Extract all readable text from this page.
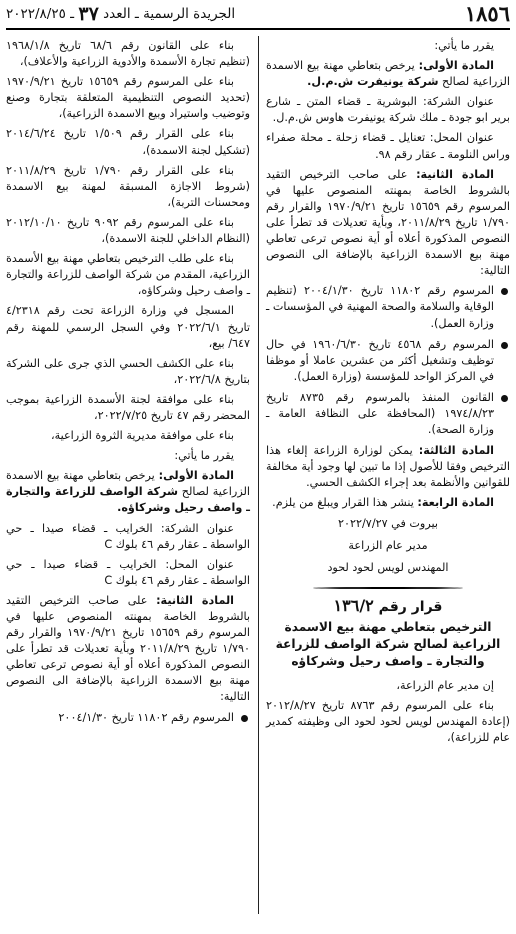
١٨٥٦
الجريدة الرسمية ـ العدد ٣٧ ـ ٢٠٢٢/٨/٢٥

يقرر ما يأتي:

المادة الأولى: يرخص بتعاطي مهنة بيع الاسمدة الزراعية لصالح شركة يونيفرت ش.م.ل.

عنوان الشركة: البوشرية ـ قضاء المتن ـ شارع برير ابو جودة ـ ملك شركة يونيفرت هاوس ش.م.ل.

عنوان المحل: تعنايل ـ قضاء زحلة ـ محلة صفراء وراس النلومة ـ عقار رقم ٩٨.

المادة الثانية: على صاحب الترخيص التقيد بالشروط الخاصة بمهنته المنصوص عليها في المرسوم رقم ١٥٦٥٩ تاريخ ١٩٧٠/٩/٢١ والقرار رقم ١/٧٩٠ تاريخ ٢٠١١/٨/٢٩، وبأية تعديلات قد تطرأ على النصوص المذكورة أعلاه أو أية نصوص ترعى تعاطي مهنة بيع الاسمدة الزراعية بالإضافة الى النصوص التالية:

المرسوم رقم ١١٨٠٢ تاريخ ٢٠٠٤/١/٣٠ (تنظيم الوقاية والسلامة والصحة المهنية في المؤسسات ـ وزارة العمل).
المرسوم رقم ٤٥٦٨ تاريخ ١٩٦٠/٦/٣٠ في حال توظيف وتشغيل أكثر من عشرين عاملا أو موظفا في المركز الواحد للمؤسسة (وزارة العمل).
القانون المنفذ بالمرسوم رقم ٨٧٣٥ تاريخ ١٩٧٤/٨/٢٣ (المحافظة على النظافة العامة ـ وزارة الصحة).

المادة الثالثة: يمكن لوزارة الزراعة إلغاء هذا الترخيص وفقا للأصول إذا ما تبين لها وجود أية مخالفة للقوانين والأنظمة بعد إجراء الكشف الحسي.

المادة الرابعة: ينشر هذا القرار ويبلغ من يلزم.

بيروت في ٢٠٢٢/٧/٢٧

مدير عام الزراعة

المهندس لويس لحود لحود

قرار رقم ١٣٦/٢
الترخيص بتعاطي مهنة بيع الاسمدة الزراعية لصالح شركة الواصف للزراعة والتجارة ـ واصف رحيل وشركاؤه

إن مدير عام الزراعة،

بناء على المرسوم رقم ٨٧٦٣ تاريخ ٢٠١٢/٨/٢٧ (إعادة المهندس لويس لحود لحود الى وظيفته كمدير عام للزراعة)،

بناء على القانون رقم ٦٨/٦ تاريخ ١٩٦٨/١/٨ (تنظيم تجارة الأسمدة والأدوية الزراعية والأعلاف)،

بناء على المرسوم رقم ١٥٦٥٩ تاريخ ١٩٧٠/٩/٢١ (تحديد النصوص التنظيمية المتعلقة بتجارة وصنع وتوضيب واستيراد وبيع الاسمدة الزراعية)،

بناء على القرار رقم ١/٥٠٩ تاريخ ٢٠١٤/٦/٢٤ (تشكيل لجنة الاسمدة)،

بناء على القرار رقم ١/٧٩٠ تاريخ ٢٠١١/٨/٢٩ (شروط الاجازة المسبقة لمهنة بيع الاسمدة ومحسنات التربة)،

بناء على المرسوم رقم ٩٠٩٢ تاريخ ٢٠١٢/١٠/١٠ (النظام الداخلي للجنة الاسمدة)،

بناء على طلب الترخيص بتعاطي مهنة بيع الأسمدة الزراعية، المقدم من شركة الواصف للزراعة والتجارة ـ واصف رحيل وشركاؤه،

المسجل في وزارة الزراعة تحت رقم ٤/٢٣١٨ تاريخ ٢٠٢٢/٦/١ وفي السجل الرسمي للمهنة رقم ٦٤٧/ بيع،

بناء على الكشف الحسي الذي جرى على الشركة بتاريخ ٢٠٢٢/٦/٨،

بناء على موافقة لجنة الأسمدة الزراعية بموجب المحضر رقم ٤٧ تاريخ ٢٠٢٢/٧/٢٥،

بناء على موافقة مديرية الثروة الزراعية،

يقرر ما يأتي:

المادة الأولى: يرخص بتعاطي مهنة بيع الاسمدة الزراعية لصالح شركة الواصف للزراعة والتجارة ـ واصف رحيل وشركاؤه.

عنوان الشركة: الخرايب ـ قضاء صيدا ـ حي الواسطة ـ عقار رقم ٤٦ بلوك C

عنوان المحل: الخرايب ـ قضاء صيدا ـ حي الواسطة ـ عقار رقم ٤٦ بلوك C

المادة الثانية: على صاحب الترخيص التقيد بالشروط الخاصة بمهنته المنصوص عليها في المرسوم رقم ١٥٦٥٩ تاريخ ١٩٧٠/٩/٢١ والقرار رقم ١/٧٩٠ تاريخ ٢٠١١/٨/٢٩ وبأية تعديلات قد تطرأ على النصوص المذكورة أعلاه أو أية نصوص ترعى تعاطي مهنة بيع الاسمدة الزراعية بالإضافة الى النصوص التالية:

المرسوم رقم ١١٨٠٢ تاريخ ٢٠٠٤/١/٣٠
